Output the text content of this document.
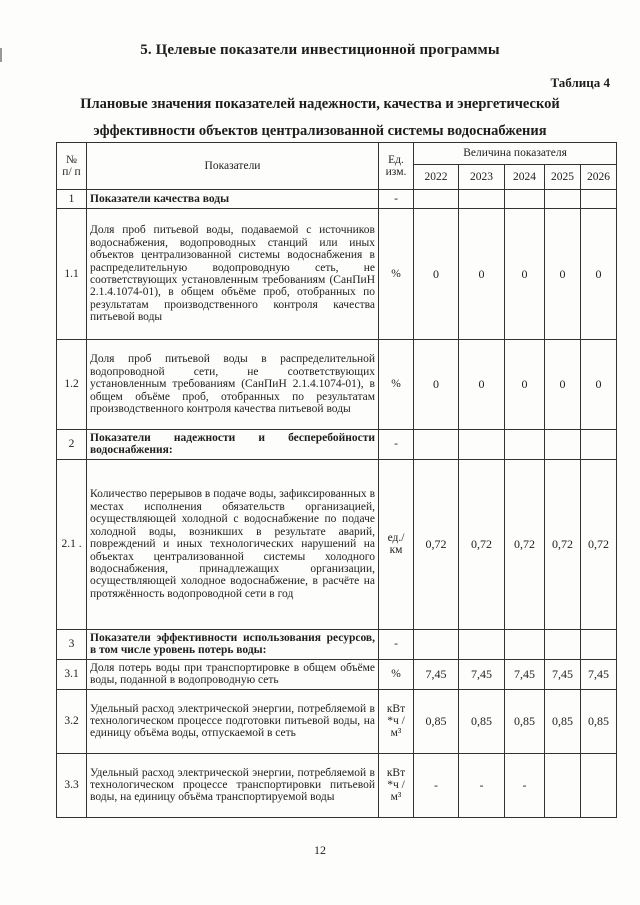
5. Целевые показатели инвестиционной программы
Таблица 4
Плановые значения показателей надежности, качества и энергетической
эффективности объектов централизованной системы водоснабжения
№ п/ п	Показатели	Ед. изм.	Величина показателя				
			2022	2023	2024	2025	2026
1	Показатели качества воды	-					
1.1	Доля проб питьевой воды, подаваемой с источников водоснабжения, водопроводных станций или иных объектов централизованной системы водоснабжения в распределительную водопроводную сеть, не соответствующих установленным требованиям (СанПиН 2.1.4.1074-01), в общем объёме проб, отобранных по результатам производственного контроля качества питьевой воды	%	0	0	0	0	0
1.2	Доля проб питьевой воды в распределительной водопроводной сети, не соответствующих установленным требованиям (СанПиН 2.1.4.1074-01), в общем объёме проб, отобранных по результатам производственного контроля качества питьевой воды	%	0	0	0	0	0
2	Показатели надежности и бесперебойности водоснабжения:	-					
2.1 .	Количество перерывов в подаче воды, зафиксированных в местах исполнения обязательств организацией, осуществляющей холодной с водоснабжение по подаче холодной воды, возникших в результате аварий, повреждений и иных технологических нарушений на объектах централизованной системы холодного водоснабжения, принадлежащих организации, осуществляющей холодное водоснабжение, в расчёте на протяжённость водопроводной сети в год	ед./ км	0,72	0,72	0,72	0,72	0,72
3	Показатели эффективности использования ресурсов, в том числе уровень потерь воды:	-					
3.1	Доля потерь воды при транспортировке в общем объёме воды, поданной в водопроводную сеть	%	7,45	7,45	7,45	7,45	7,45
3.2	Удельный расход электрической энергии, потребляемой в технологическом процессе подготовки питьевой воды, на единицу объёма воды, отпускаемой в сеть	кВт *ч /м³	0,85	0,85	0,85	0,85	0,85
3.3	Удельный расход электрической энергии, потребляемой в технологическом процессе транспортировки питьевой воды, на единицу объёма транспортируемой воды	кВт *ч /м³	-	-	-		
12
